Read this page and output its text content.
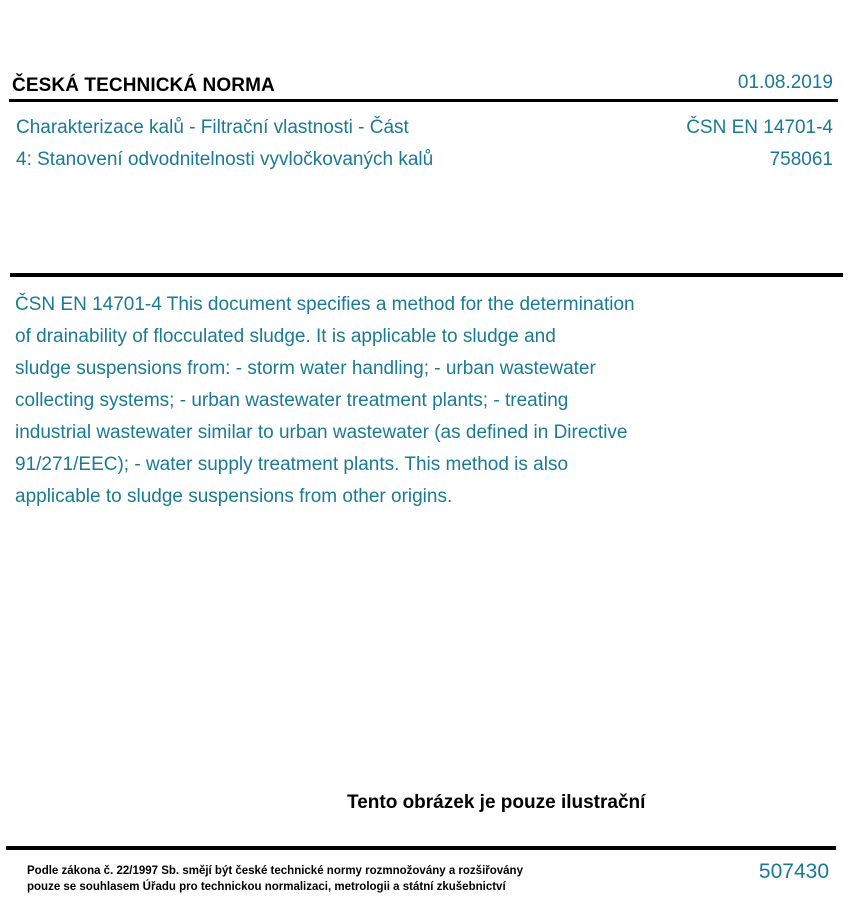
ČESKÁ TECHNICKÁ NORMA	01.08.2019
Charakterizace kalů - Filtrační vlastnosti - Část
4: Stanovení odvodnitelnosti vyvločkovaných kalů
ČSN EN 14701-4
758061
ČSN EN 14701-4 This document specifies a method for the determination
of drainability of flocculated sludge. It is applicable to sludge and
sludge suspensions from: - storm water handling; - urban wastewater
collecting systems; - urban wastewater treatment plants; - treating
industrial wastewater similar to urban wastewater (as defined in Directive
91/271/EEC); - water supply treatment plants. This method is also
applicable to sludge suspensions from other origins.
Tento obrázek je pouze ilustrační
Podle zákona č. 22/1997 Sb. smějí být české technické normy rozmnožovány a rozšiřovány
pouze se souhlasem Úřadu pro technickou normalizaci, metrologii a státní zkušebnictví
507430
